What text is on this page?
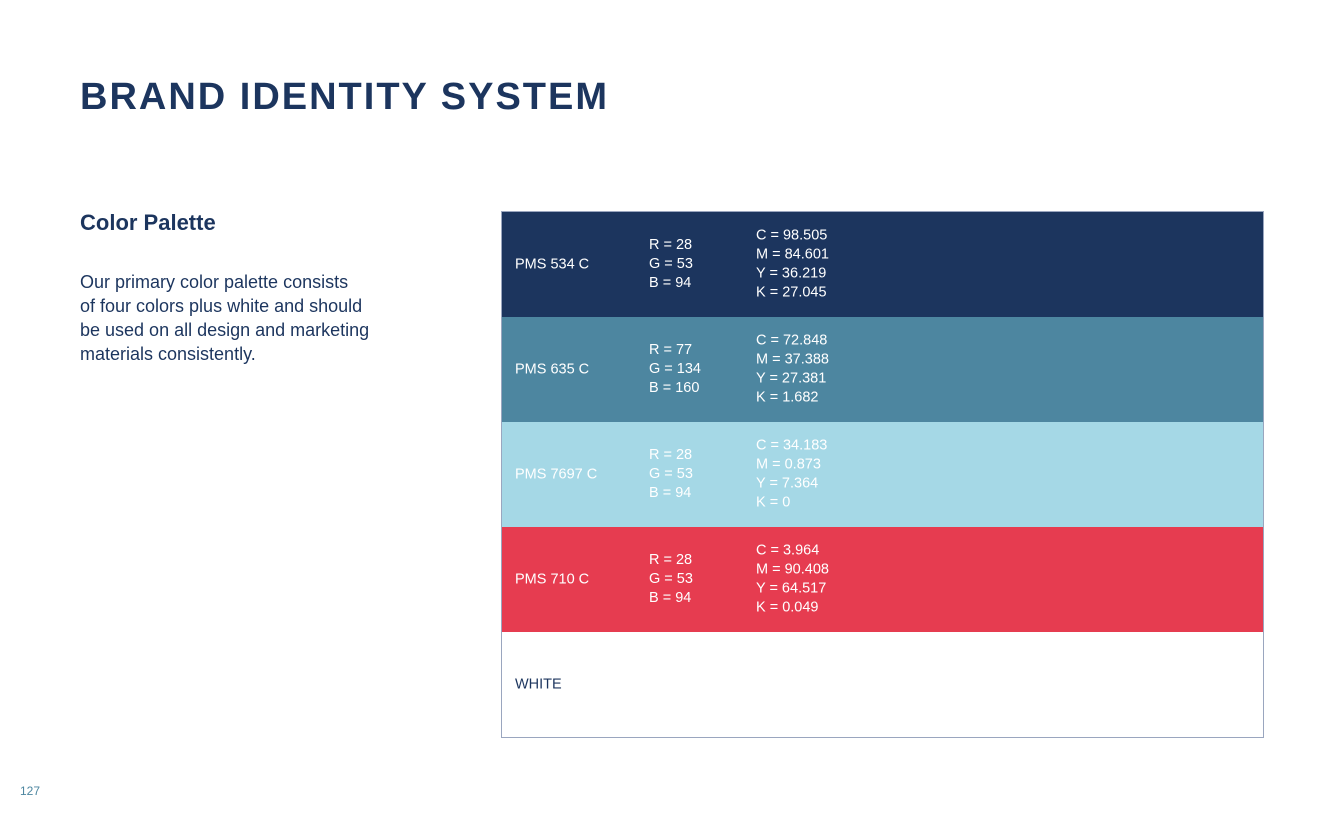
BRAND IDENTITY SYSTEM
Color Palette
Our primary color palette consists
of four colors plus white and should
be used on all design and marketing
materials consistently.
PMS 534 C
R = 28
G = 53
B = 94
C = 98.505
M = 84.601
Y = 36.219
K = 27.045
PMS 635 C
R = 77
G = 134
B = 160
C = 72.848
M = 37.388
Y = 27.381
K = 1.682
PMS 7697 C
R = 28
G = 53
B = 94
C = 34.183
M = 0.873
Y = 7.364
K = 0
PMS 710 C
R = 28
G = 53
B = 94
C = 3.964
M = 90.408
Y = 64.517
K = 0.049
WHITE
127
